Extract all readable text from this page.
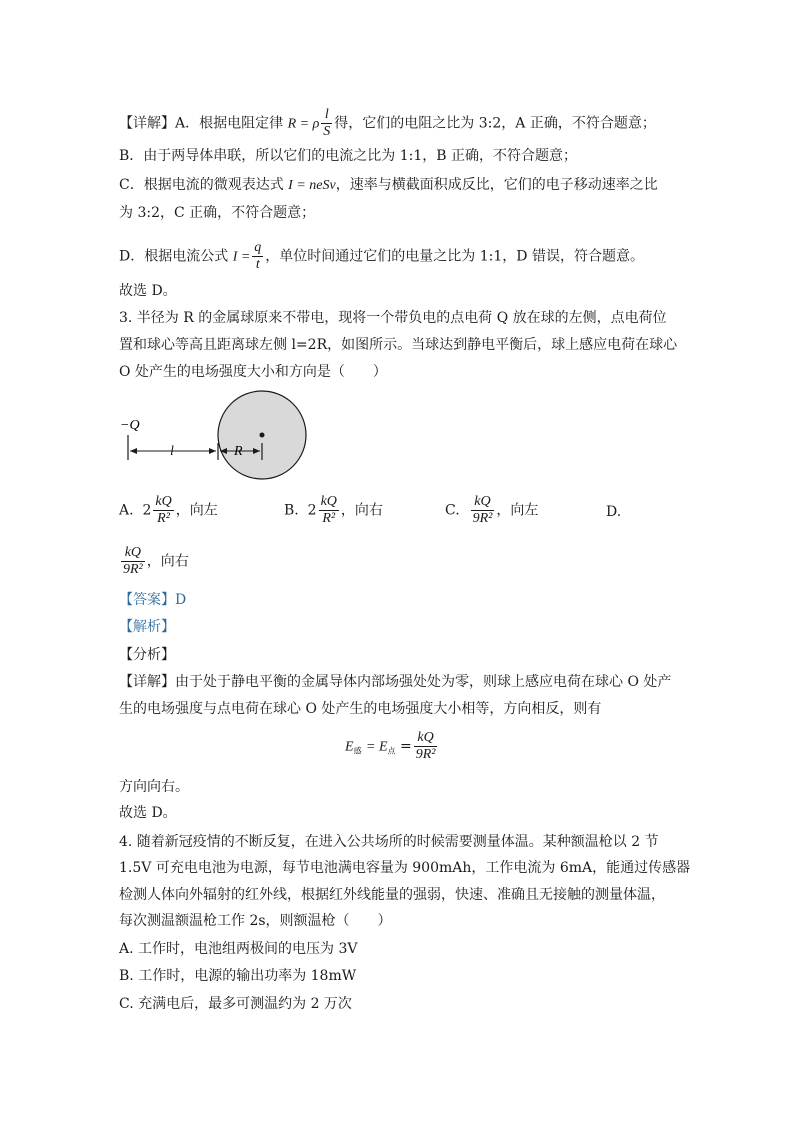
【详解】A．根据电阻定律 R = ρ $\frac{l}{S}$ 得，它们的电阻之比为 3:2，A 正确，不符合题意；
B．由于两导体串联，所以它们的电流之比为 1:1，B 正确，不符合题意；
C．根据电流的微观表达式 I = neSv，速率与横截面积成反比，它们的电子移动速率之比
为 3:2，C 正确，不符合题意；
D．根据电流公式 $I = \frac{q}{t}$ ，单位时间通过它们的电量之比为 1:1，D 错误，符合题意。
故选 D。
3. 半径为 R 的金属球原来不带电，现将一个带负电的点电荷 Q 放在球的左侧，点电荷位
置和球心等高且距离球左侧 l=2R，如图所示。当球达到静电平衡后，球上感应电荷在球心
O 处产生的电场强度大小和方向是（　　）
−Q
l	R
A. $2 \frac{kQ}{\text{R²}}$ ，向左	B. $2 \frac{kQ}{\text{R²}}$ ，向右	C. $\frac{kQ}{\text{9R²}}$ ，向左	D.
$\frac{kQ}{\text{9R²}}$ ，向右
【答案】D
【解析】
【分析】
【详解】由于处于静电平衡的金属导体内部场强处处为零，则球上感应电荷在球心 O 处产
生的电场强度与点电荷在球心 O 处产生的电场强度大小相等，方向相反，则有
$E_感 = E_点 = \frac{kQ}{\text{9R²}}$
方向向右。
故选 D。
4. 随着新冠疫情的不断反复，在进入公共场所的时候需要测量体温。某种额温枪以 2 节
1.5V 可充电电池为电源，每节电池满电容量为 900mAh，工作电流为 6mA，能通过传感器
检测人体向外辐射的红外线，根据红外线能量的强弱，快速、准确且无接触的测量体温，
每次测温额温枪工作 2s，则额温枪（　　）
A. 工作时，电池组两极间的电压为 3V
B. 工作时，电源的输出功率为 18mW
C. 充满电后，最多可测温约为 2 万次
